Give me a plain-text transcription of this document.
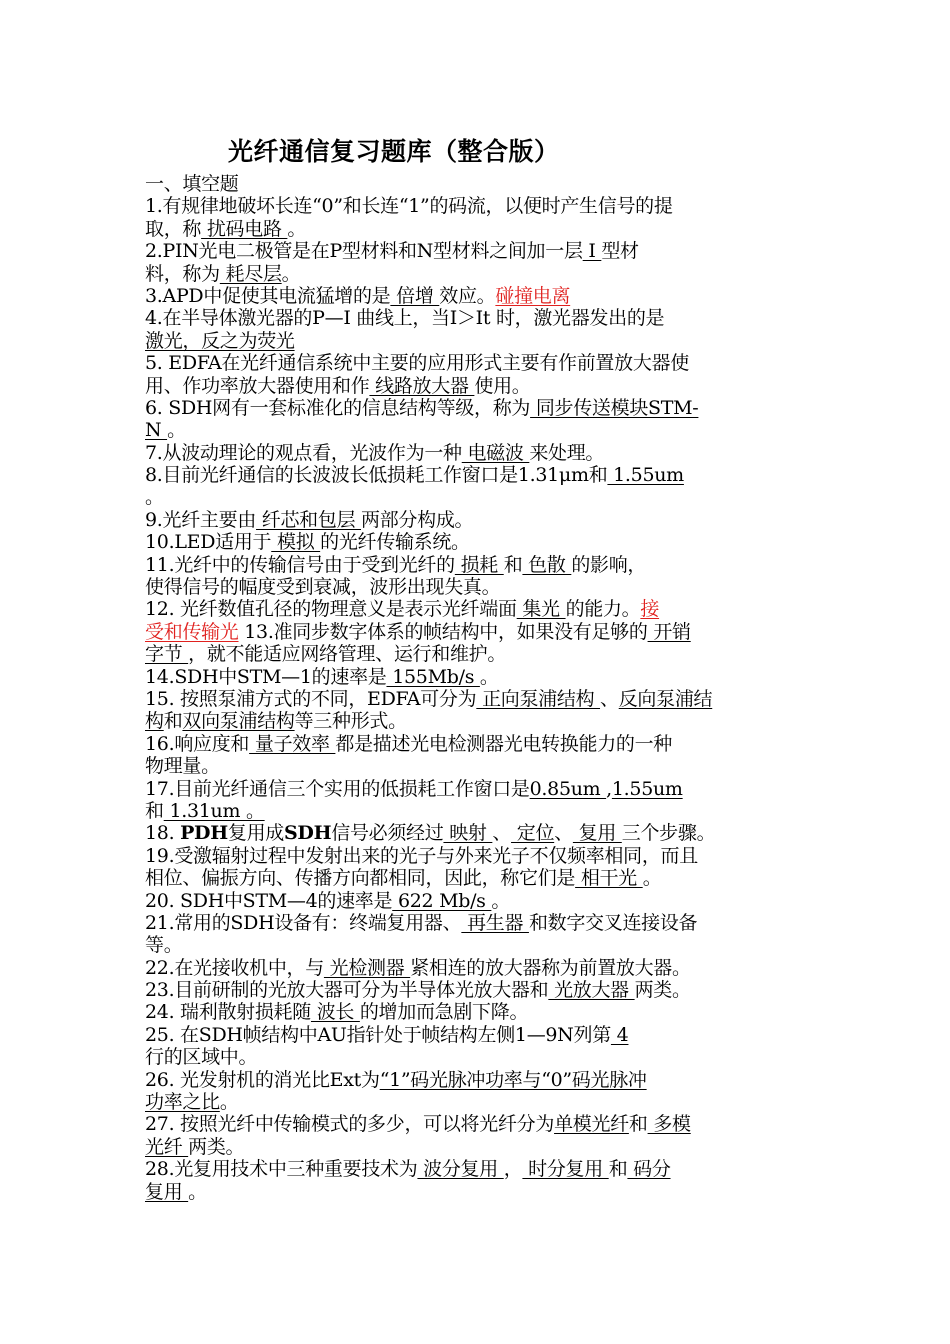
光纤通信复习题库（整合版）
一、填空题
1.有规律地破坏长连“0”和长连“1”的码流，以便时产生信号的提
取，称 扰码电路 。
2.PIN光电二极管是在P型材料和N型材料之间加一层 I 型材
料，称为 耗尽层。
3.APD中促使其电流猛增的是 倍增 效应。碰撞电离
4.在半导体激光器的P—I 曲线上，当I＞It 时，激光器发出的是
激光，反之为荧光
5. EDFA在光纤通信系统中主要的应用形式主要有作前置放大器使
用、作功率放大器使用和作 线路放大器 使用。
6. SDH网有一套标准化的信息结构等级，称为 同步传送模块STM-
N 。
7.从波动理论的观点看，光波作为一种 电磁波 来处理。
8.目前光纤通信的长波波长低损耗工作窗口是1.31μm和 1.55um
。
9.光纤主要由 纤芯和包层 两部分构成。
10.LED适用于 模拟 的光纤传输系统。
11.光纤中的传输信号由于受到光纤的 损耗 和 色散 的影响，
使得信号的幅度受到衰减，波形出现失真。
12. 光纤数值孔径的物理意义是表示光纤端面 集光 的能力。接
受和传输光 13.准同步数字体系的帧结构中，如果没有足够的 开销
字节 ，就不能适应网络管理、运行和维护。
14.SDH中STM—1的速率是 155Mb/s 。
15. 按照泵浦方式的不同，EDFA可分为 正向泵浦结构 、反向泵浦结
构和双向泵浦结构等三种形式。
16.响应度和 量子效率 都是描述光电检测器光电转换能力的一种
物理量。
17.目前光纤通信三个实用的低损耗工作窗口是0.85um ,1.55um
和 1.31um 。
18. PDH复用成SDH信号必须经过 映射 、 定位、 复用 三个步骤。
19.受激辐射过程中发射出来的光子与外来光子不仅频率相同，而且
相位、偏振方向、传播方向都相同，因此，称它们是 相干光 。
20. SDH中STM—4的速率是 622 Mb/s 。
21.常用的SDH设备有：终端复用器、 再生器 和数字交叉连接设备
等。
22.在光接收机中，与 光检测器 紧相连的放大器称为前置放大器。
23.目前研制的光放大器可分为半导体光放大器和 光放大器 两类。
24. 瑞利散射损耗随 波长 的增加而急剧下降。
25. 在SDH帧结构中AU指针处于帧结构左侧1—9N列第 4
行的区域中。
26. 光发射机的消光比Ext为“1”码光脉冲功率与“0”码光脉冲
功率之比。
27. 按照光纤中传输模式的多少，可以将光纤分为单模光纤和 多模
光纤 两类。
28.光复用技术中三种重要技术为 波分复用 ， 时分复用 和 码分
复用 。
